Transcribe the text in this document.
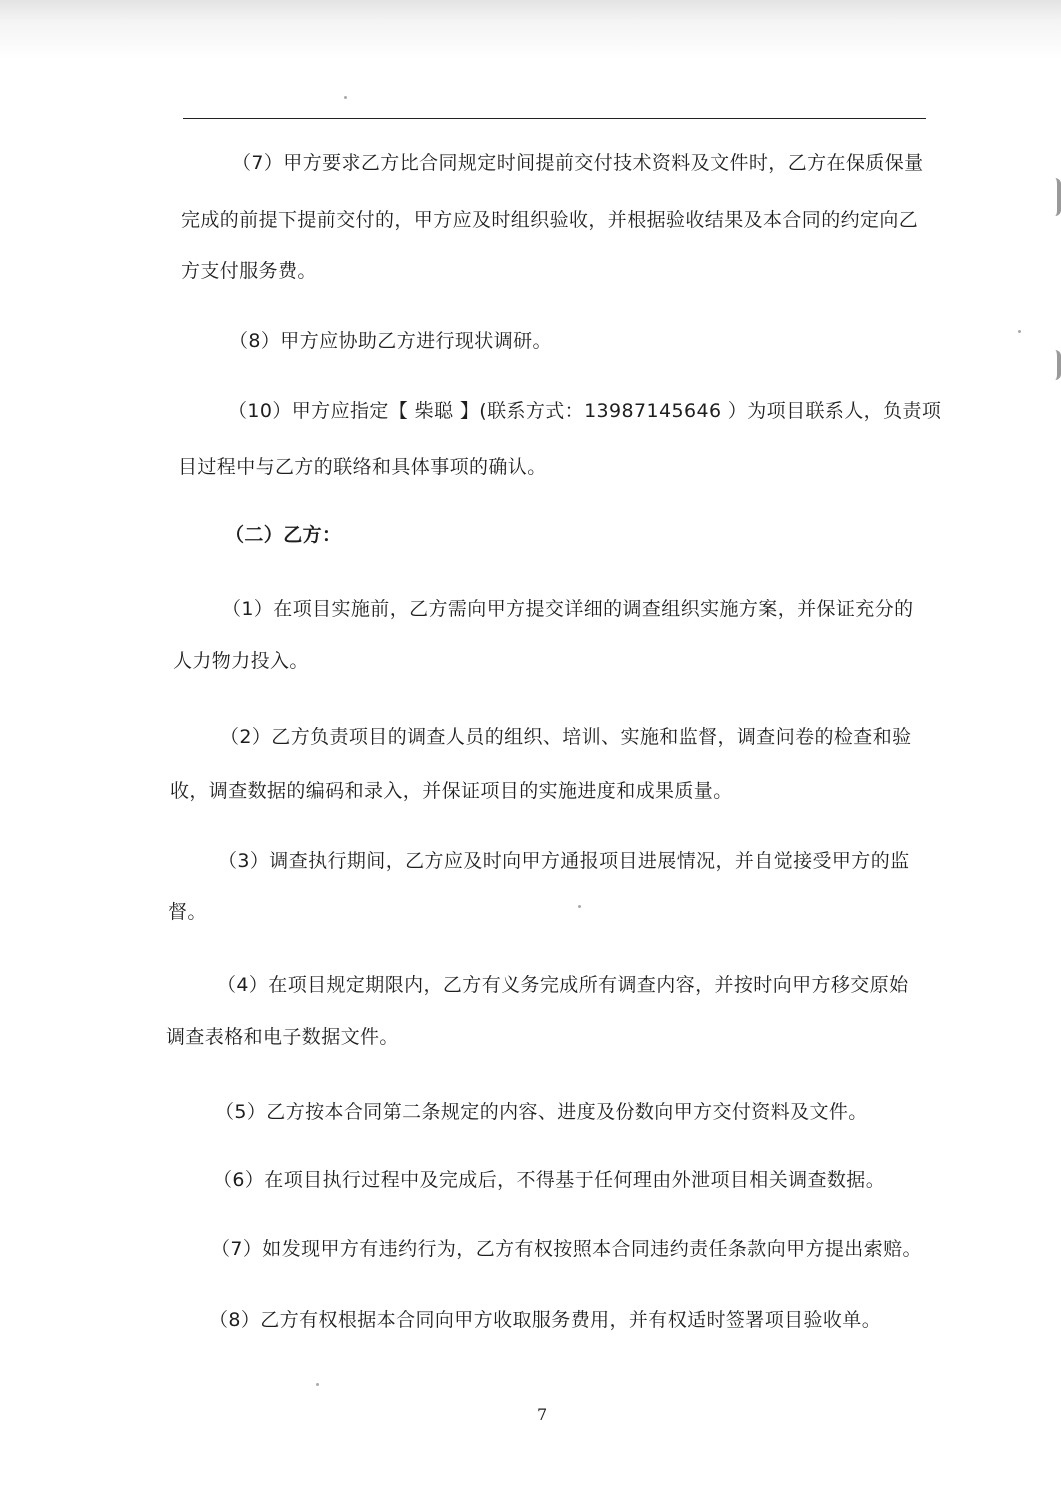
（7）甲方要求乙方比合同规定时间提前交付技术资料及文件时，乙方在保质保量

完成的前提下提前交付的，甲方应及时组织验收，并根据验收结果及本合同的约定向乙

方支付服务费。

（8）甲方应协助乙方进行现状调研。

（10）甲方应指定【 柴聪 】(联系方式：13987145646 ）为项目联系人，负责项

目过程中与乙方的联络和具体事项的确认。

（二）乙方：

（1）在项目实施前，乙方需向甲方提交详细的调查组织实施方案，并保证充分的

人力物力投入。

（2）乙方负责项目的调查人员的组织、培训、实施和监督，调查问卷的检查和验

收，调查数据的编码和录入，并保证项目的实施进度和成果质量。

（3）调查执行期间，乙方应及时向甲方通报项目进展情况，并自觉接受甲方的监

督。

（4）在项目规定期限内，乙方有义务完成所有调查内容，并按时向甲方移交原始

调查表格和电子数据文件。

（5）乙方按本合同第二条规定的内容、进度及份数向甲方交付资料及文件。

（6）在项目执行过程中及完成后，不得基于任何理由外泄项目相关调查数据。

（7）如发现甲方有违约行为，乙方有权按照本合同违约责任条款向甲方提出索赔。

（8）乙方有权根据本合同向甲方收取服务费用，并有权适时签署项目验收单。

7
